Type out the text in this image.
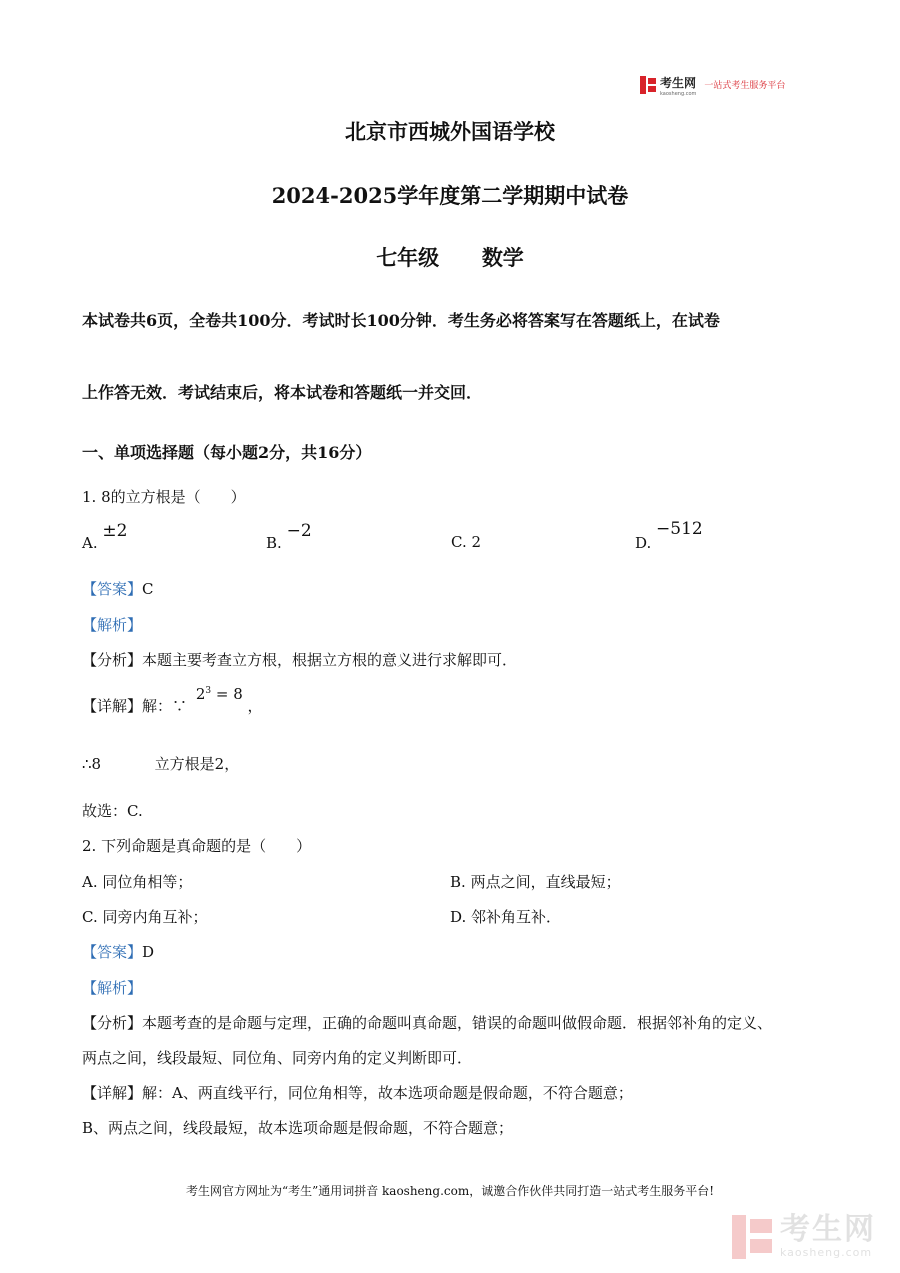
考生网
kaosheng.com
一站式考生服务平台
北京市西城外国语学校
2024-2025学年度第二学期期中试卷
七年级 数学
本试卷共6页，全卷共100分．考试时长100分钟．考生务必将答案写在答题纸上，在试卷
上作答无效．考试结束后，将本试卷和答题纸一并交回．
一、单项选择题（每小题2分，共16分）
1. 8的立方根是（　　）
A. ±2
B. −2
C. 2	D. −512
【答案】C
【解析】
【分析】本题主要考查立方根，根据立方根的意义进行求解即可．
【详解】解：∵ $2^3 = 8$ ，
∴8	立方根是2，
故选：C.
2. 下列命题是真命题的是（　　）
A. 同位角相等；	B. 两点之间，直线最短；
C. 同旁内角互补；	D. 邻补角互补．
【答案】D
【解析】
【分析】本题考查的是命题与定理，正确的命题叫真命题，错误的命题叫做假命题．根据邻补角的定义、
两点之间，线段最短、同位角、同旁内角的定义判断即可．
【详解】解：A、两直线平行，同位角相等，故本选项命题是假命题，不符合题意；
B、两点之间，线段最短，故本选项命题是假命题，不符合题意；
考生网官方网址为“考生”通用词拼音 kaosheng.com，诚邀合作伙伴共同打造一站式考生服务平台!
考生网
kaosheng.com
